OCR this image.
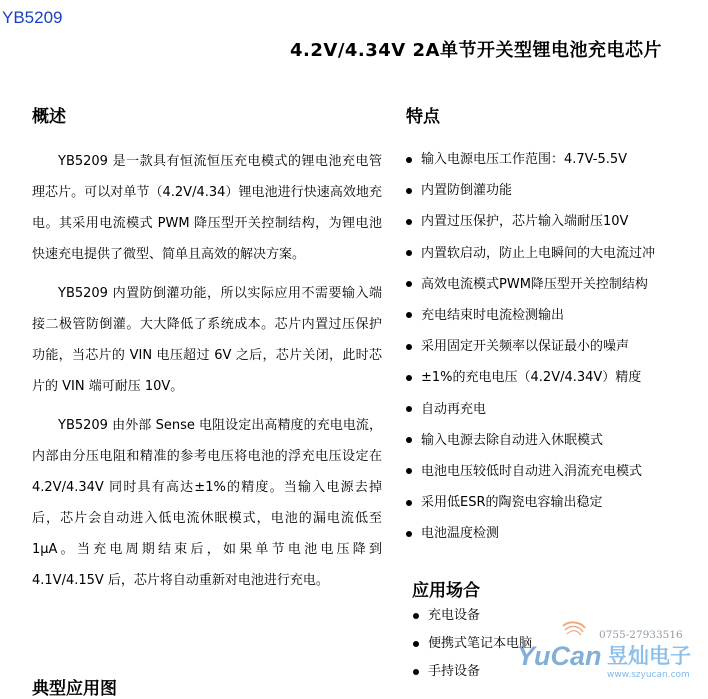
YB5209
4.2V/4.34V 2A单节开关型锂电池充电芯片
概述

YB5209 是一款具有恒流恒压充电模式的锂电池充电管理芯片。可以对单节（4.2V/4.34）锂电池进行快速高效地充电。其采用电流模式 PWM 降压型开关控制结构，为锂电池快速充电提供了微型、简单且高效的解决方案。

YB5209 内置防倒灌功能，所以实际应用不需要输入端接二极管防倒灌。大大降低了系统成本。芯片内置过压保护功能，当芯片的 VIN 电压超过 6V 之后，芯片关闭，此时芯片的 VIN 端可耐压 10V。

YB5209 由外部 Sense 电阻设定出高精度的充电电流，内部由分压电阻和精准的参考电压将电池的浮充电压设定在 4.2V/4.34V 同时具有高达±1%的精度。当输入电源去掉后，芯片会自动进入低电流休眠模式，电池的漏电流低至 1μA。当充电周期结束后，如果单节电池电压降到 4.1V/4.15V 后，芯片将自动重新对电池进行充电。

特点
输入电源电压工作范围：4.7V-5.5V
内置防倒灌功能
内置过压保护，芯片输入端耐压10V
内置软启动，防止上电瞬间的大电流过冲
高效电流模式PWM降压型开关控制结构
充电结束时电流检测输出
采用固定开关频率以保证最小的噪声
±1%的充电电压（4.2V/4.34V）精度
自动再充电
输入电源去除自动进入休眠模式
电池电压较低时自动进入涓流充电模式
采用低ESR的陶瓷电容输出稳定
电池温度检测
应用场合
充电设备
便携式笔记本电脑
手持设备
典型应用图
0755-27933516
YuCan 昱灿电子
www.szyucan.com
